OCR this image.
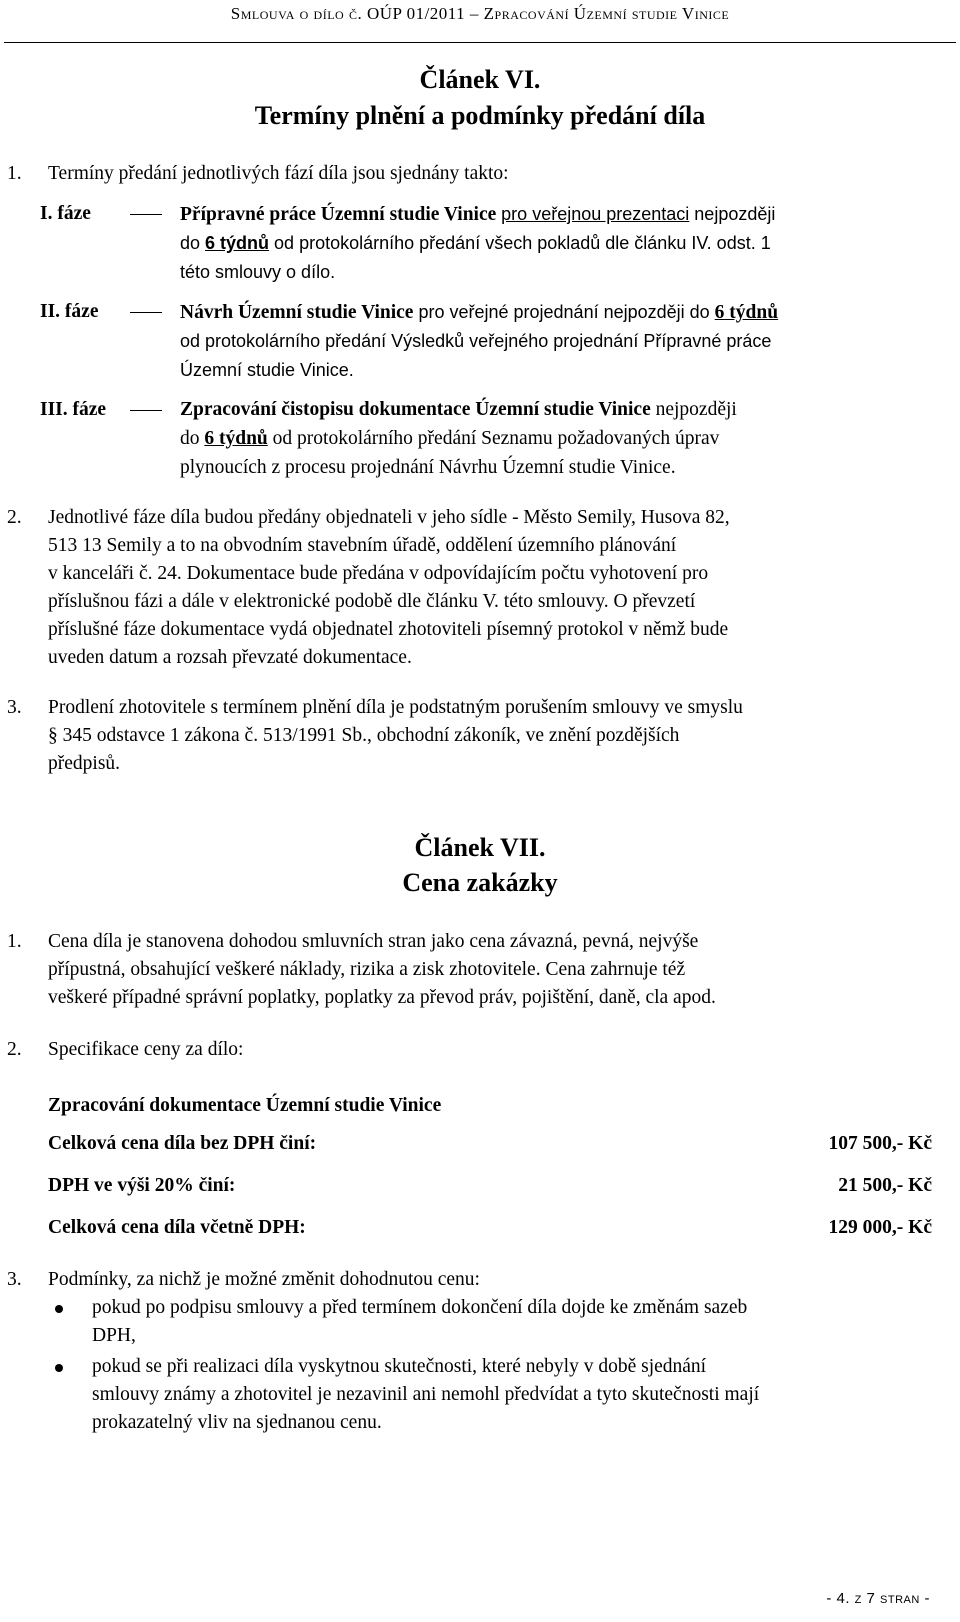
Smlouva o dílo č. OÚP 01/2011 – Zpracování Územní studie Vinice
Článek VI.
Termíny plnění a podmínky předání díla
1. Termíny předání jednotlivých fází díla jsou sjednány takto:
I. fáze	Přípravné práce Územní studie Vinice pro veřejnou prezentaci nejpozději
do 6 týdnů od protokolárního předání všech pokladů dle článku IV. odst. 1
této smlouvy o dílo.
II. fáze	Návrh Územní studie Vinice pro veřejné projednání nejpozději do 6 týdnů
od protokolárního předání Výsledků veřejného projednání Přípravné práce
Územní studie Vinice.
III. fáze	Zpracování čistopisu dokumentace Územní studie Vinice nejpozději
do 6 týdnů od protokolárního předání Seznamu požadovaných úprav
plynoucích z procesu projednání Návrhu Územní studie Vinice.
2. Jednotlivé fáze díla budou předány objednateli v jeho sídle - Město Semily, Husova 82,
513 13 Semily a to na obvodním stavebním úřadě, oddělení územního plánování
v kanceláři č. 24. Dokumentace bude předána v odpovídajícím počtu vyhotovení pro
příslušnou fázi a dále v elektronické podobě dle článku V. této smlouvy. O převzetí
příslušné fáze dokumentace vydá objednatel zhotoviteli písemný protokol v němž bude
uveden datum a rozsah převzaté dokumentace.
3. Prodlení zhotovitele s termínem plnění díla je podstatným porušením smlouvy ve smyslu
§ 345 odstavce 1 zákona č. 513/1991 Sb., obchodní zákoník, ve znění pozdějších
předpisů.
Článek VII.
Cena zakázky
1. Cena díla je stanovena dohodou smluvních stran jako cena závazná, pevná, nejvýše
přípustná, obsahující veškeré náklady, rizika a zisk zhotovitele. Cena zahrnuje též
veškeré případné správní poplatky, poplatky za převod práv, pojištění, daně, cla apod.
2. Specifikace ceny za dílo:
Zpracování dokumentace Územní studie Vinice
Celková cena díla bez DPH činí:	107 500,- Kč
DPH ve výši 20% činí:	21 500,- Kč
Celková cena díla včetně DPH:	129 000,- Kč
3. Podmínky, za nichž je možné změnit dohodnutou cenu:
pokud po podpisu smlouvy a před termínem dokončení díla dojde ke změnám sazeb
DPH,
pokud se při realizaci díla vyskytnou skutečnosti, které nebyly v době sjednání
smlouvy známy a zhotovitel je nezavinil ani nemohl předvídat a tyto skutečnosti mají
prokazatelný vliv na sjednanou cenu.
- 4. z 7 stran -
